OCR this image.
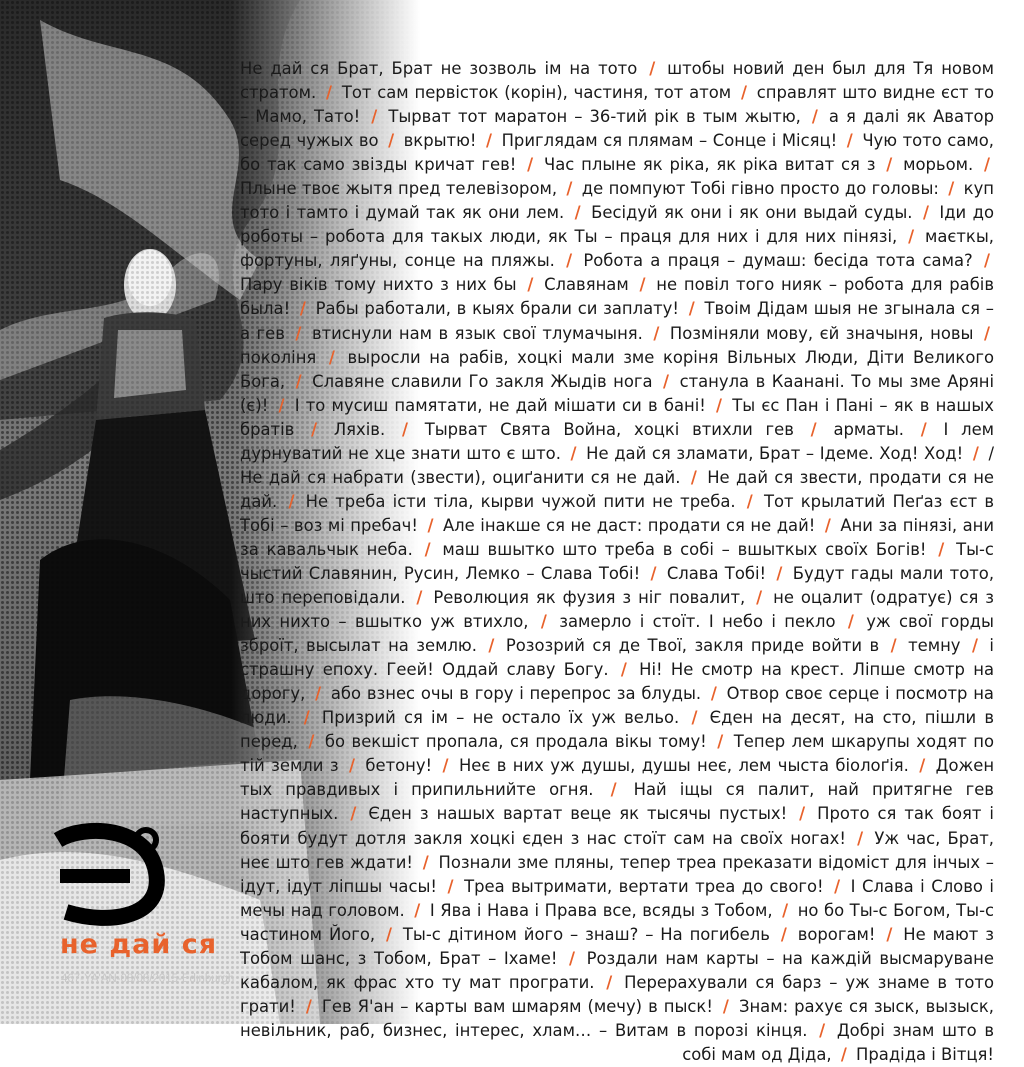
Не дай ся Брат, Брат не зозволь ім на тото / штобы новий ден был для Тя новом стратом. / Тот сам первісток (корін), частиня, тот атом / справлят што видне єст то – Мамо, Тато! / Тырват тот маратон – 36-тий рік в тым жытю, / а я далі як Аватор серед чужых во / вкрытю! / Приглядам ся плямам – Сонце і Місяц! / Чую тото само, бо так само звізды кричат гев! / Час плыне як ріка, як ріка витат ся з / морьом. / Плыне твоє жытя пред телевізором, / де помпуют Тобі гівно просто до головы: / куп тото і тамто і думай так як они лем. / Бесідуй як они і як они выдай суды. / Іди до роботы – робота для такых люди, як Ты – праця для них і для них пінязі, / маєткы, фортуны, ляґуны, сонце на пляжы. / Робота а праця – думаш: бесіда тота сама? / Пару віків тому нихто з них бы / Славянам / не повіл того нияк – робота для рабів была! / Рабы работали, в кыях брали си заплату! / Твоім Дідам шыя не згынала ся – а гев / втиснули нам в язык свої тлумачыня. / Позміняли мову, єй значыня, новы / поколіня / выросли на рабів, хоцкі мали зме коріня Вільных Люди, Діти Великого Бога, / Славяне славили Го закля Жыдів нога / станула в Каанані. То мы зме Аряні (є)! / І то мусиш памятати, не дай мішати си в бані! / Ты єс Пан і Пані – як в нашых братів / Ляхів. / Тырват Свята Война, хоцкі втихли гев / арматы. / І лем дурнуватий не хце знати што є што. / Не дай ся зламати, Брат – Ідеме. Ход! Ход! / / Не дай ся набрати (звести), оциґанити ся не дай. / Не дай ся звести, продати ся не дай. / Не треба істи тіла, кырви чужой пити не треба. / Тот крылатий Пеґаз єст в Тобі – воз мі пребач! / Але інакше ся не даст: продати ся не дай! / Ани за пінязі, ани за кавальчык неба. / маш вшытко што треба в собі – вшыткых своїх Богів! / Ты-с чыстий Славянин, Русин, Лемко – Слава Тобі! / Слава Тобі! / Будут гады мали тото, што переповідали. / Революция як фузия з ніг повалит, / не оцалит (одратує) ся з них нихто – вшытко уж втихло, / замерло і стоїт. І небо і пекло / уж свої горды зброїт, высылат на землю. / Розозрий ся де Твої, закля приде войти в / темну / і страшну епоху. Гeeй! Оддай славу Богу. / Ні! Не смотр на крест. Ліпше смотр на дорогу, / або взнес очы в гору і перепрос за блуды. / Отвор своє серце і посмотр на люди. / Призрий ся ім – не остало їх уж вельо. / Єден на десят, на сто, пішли в перед, / бо векшіст пропала, ся продала вікы тому! / Тепер лем шкарупы ходят по тій земли з / бетону! / Неє в них уж душы, душы неє, лем чыста біолоґія. / Дожен тых правдивых і припильнийте огня. / Най іщы ся палит, най притягне гев наступных. / Єден з нашых вартат веце як тысячы пустых! / Прото ся так боят і бояти будут дотля закля хоцкі єден з нас стоїт сам на своїх ногах! / Уж час, Брат, неє што гев ждати! / Познали зме пляны, тепер треа прeказати відоміст для інчых – ідут, ідут ліпшы часы! / Треа вытримати, вертати треа до свого! / І Слава і Слово і мечы над головом. / І Ява і Нава і Права все, всяды з Тобом, / но бо Ты-с Богом, Ты-с частином Його, / Ты-с дітином його – знаш? – На погибель / ворогам! / Не мают з Тобом шанс, з Тобом, Брат – Іхаме! / Роздали нам карты – на каждій высмаруване кабалом, як фрас хто ту мат програти. / Перерахували ся барз – уж знаме в тото грати! / Гев Я'ан – карты вам шмарям (мечу) в пыск! / Знам: рахує ся зыск, вызыск, невільник, раб, бизнес, інтерес, хлам… – Витам в порозі кінця. / Добрі знам што в собі мам од Діда, / Прадіда і Вітця!

не дай ся

467-YA'AN-08/08/2015-Edinburgh
